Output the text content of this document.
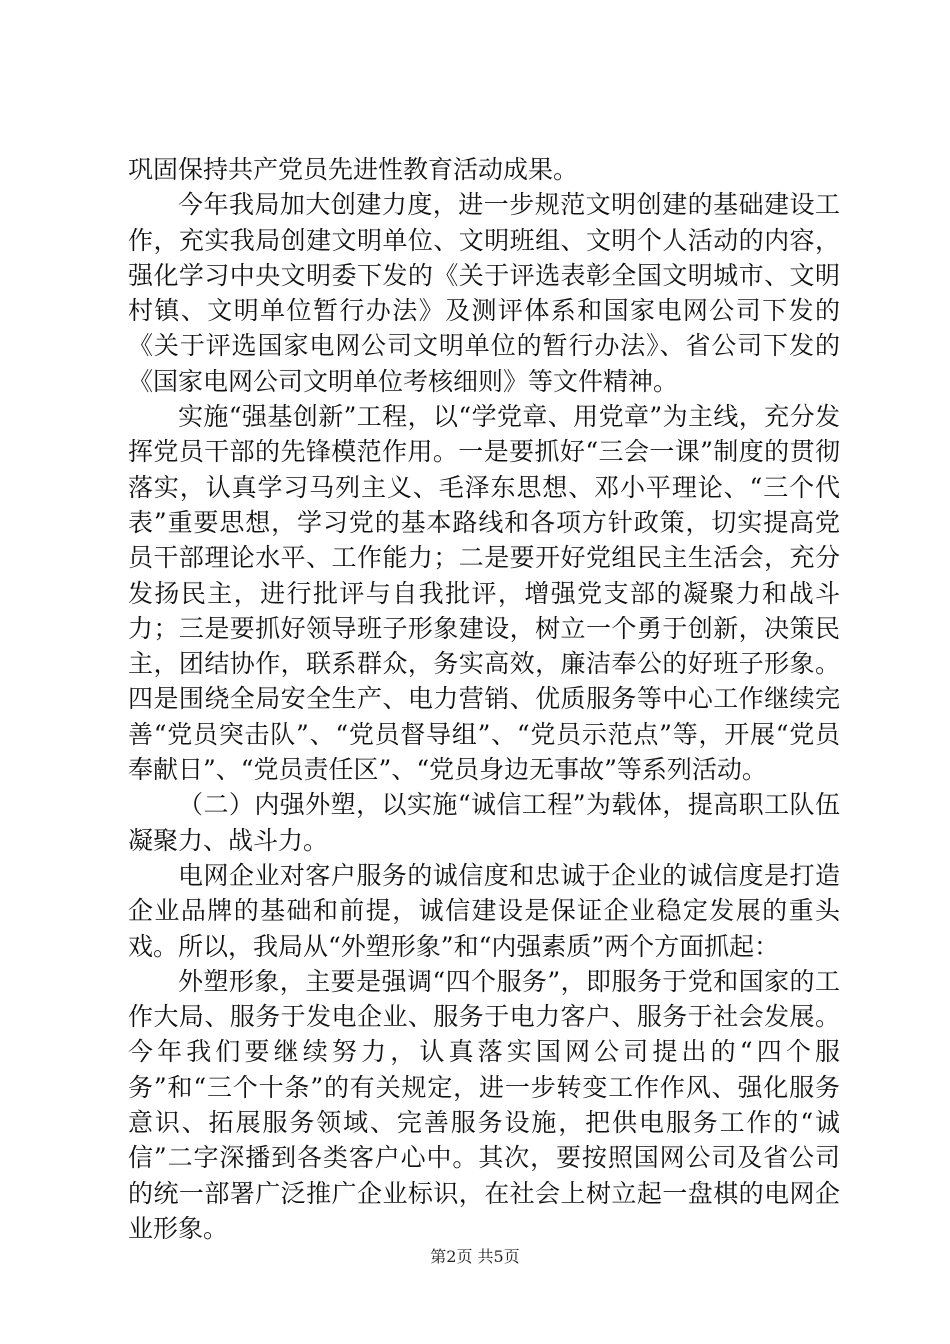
巩固保持共产党员先进性教育活动成果。

今年我局加大创建力度，进一步规范文明创建的基础建设工作，充实我局创建文明单位、文明班组、文明个人活动的内容，强化学习中央文明委下发的《关于评选表彰全国文明城市、文明村镇、文明单位暂行办法》及测评体系和国家电网公司下发的《关于评选国家电网公司文明单位的暂行办法》、省公司下发的《国家电网公司文明单位考核细则》等文件精神。

实施“强基创新”工程，以“学党章、用党章”为主线，充分发挥党员干部的先锋模范作用。一是要抓好“三会一课”制度的贯彻落实，认真学习马列主义、毛泽东思想、邓小平理论、“三个代表”重要思想，学习党的基本路线和各项方针政策，切实提高党员干部理论水平、工作能力；二是要开好党组民主生活会，充分发扬民主，进行批评与自我批评，增强党支部的凝聚力和战斗力；三是要抓好领导班子形象建设，树立一个勇于创新，决策民主，团结协作，联系群众，务实高效，廉洁奉公的好班子形象。四是围绕全局安全生产、电力营销、优质服务等中心工作继续完善“党员突击队”、“党员督导组”、“党员示范点”等，开展“党员奉献日”、“党员责任区”、“党员身边无事故”等系列活动。

（二）内强外塑，以实施“诚信工程”为载体，提高职工队伍凝聚力、战斗力。

电网企业对客户服务的诚信度和忠诚于企业的诚信度是打造企业品牌的基础和前提，诚信建设是保证企业稳定发展的重头戏。所以，我局从“外塑形象”和“内强素质”两个方面抓起：

外塑形象，主要是强调“四个服务”，即服务于党和国家的工作大局、服务于发电企业、服务于电力客户、服务于社会发展。今年我们要继续努力，认真落实国网公司提出的“四个服务”和“三个十条”的有关规定，进一步转变工作作风、强化服务意识、拓展服务领域、完善服务设施，把供电服务工作的“诚信”二字深播到各类客户心中。其次，要按照国网公司及省公司的统一部署广泛推广企业标识，在社会上树立起一盘棋的电网企业形象。

第2页 共5页
